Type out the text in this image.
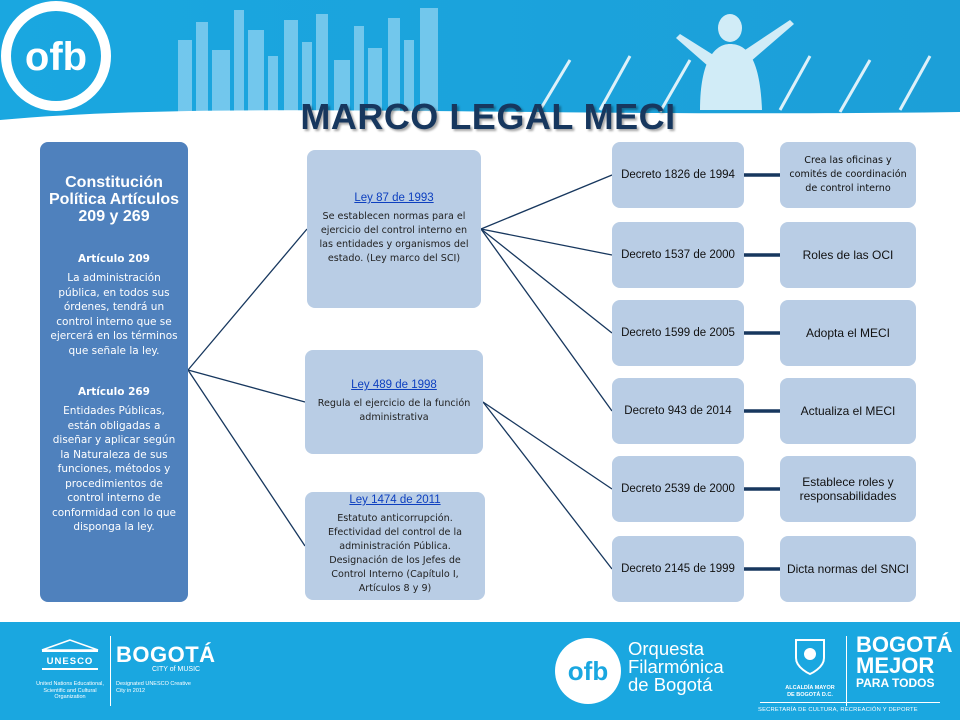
ofb
MARCO LEGAL MECI
Constitución Política Artículos 209 y 269
Artículo 209
La administración pública, en todos sus órdenes, tendrá un control interno que se ejercerá en los términos que señale la ley.
Artículo 269
Entidades Públicas, están obligadas a diseñar y aplicar según la Naturaleza de sus funciones, métodos y procedimientos de control interno de conformidad con lo que disponga la ley.
Ley 87 de 1993
Se establecen normas para el ejercicio del control interno en las entidades y organismos del estado. (Ley marco del SCI)
Ley 489 de 1998
Regula el ejercicio de la función administrativa
Ley 1474 de 2011
Estatuto anticorrupción. Efectividad del control de la administración Pública. Designación de los Jefes de Control Interno (Capítulo I, Artículos 8 y 9)
Decreto 1826 de 1994
Decreto 1537 de 2000
Decreto 1599 de 2005
Decreto 943 de 2014
Decreto 2539 de 2000
Decreto 2145 de 1999
Crea las oficinas y comités de coordinación de control interno
Roles de las OCI
Adopta el MECI
Actualiza el MECI
Establece roles y responsabilidades
Dicta normas del SNCI
UNESCO
United Nations Educational, Scientific and Cultural Organization
BOGOTÁ
CITY of MUSIC
Designated UNESCO Creative City in 2012
ofb
Orquesta
Filarmónica
de Bogotá	ALCALDÍA MAYOR DE BOGOTÁ D.C.
BOGOTÁ
MEJOR
PARA TODOS
SECRETARÍA DE CULTURA, RECREACIÓN Y DEPORTE
